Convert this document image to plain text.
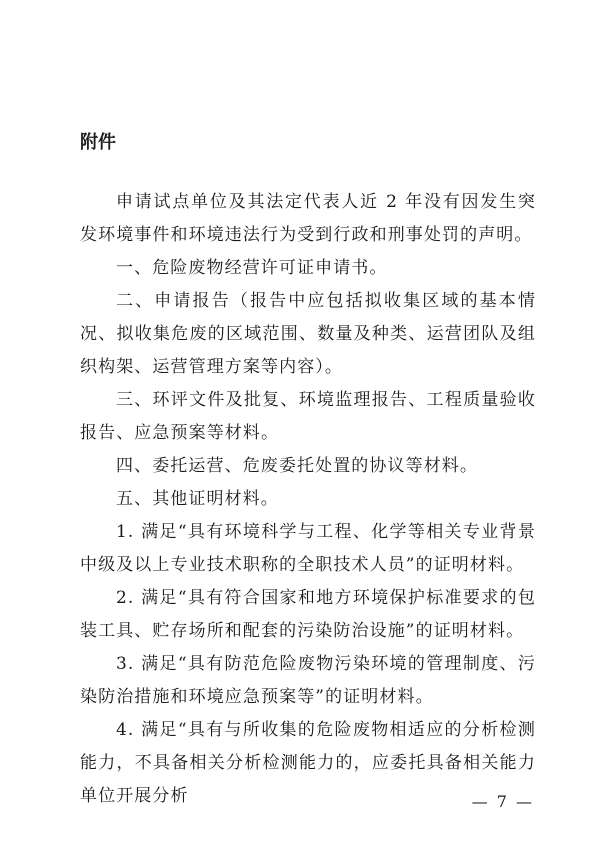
附件

申请试点单位及其法定代表人近 2 年没有因发生突发环境事件和环境违法行为受到行政和刑事处罚的声明。

一、危险废物经营许可证申请书。

二、申请报告（报告中应包括拟收集区域的基本情况、拟收集危废的区域范围、数量及种类、运营团队及组织构架、运营管理方案等内容）。

三、环评文件及批复、环境监理报告、工程质量验收报告、应急预案等材料。

四、委托运营、危废委托处置的协议等材料。

五、其他证明材料。

1. 满足“具有环境科学与工程、化学等相关专业背景中级及以上专业技术职称的全职技术人员”的证明材料。

2. 满足“具有符合国家和地方环境保护标准要求的包装工具、贮存场所和配套的污染防治设施”的证明材料。

3. 满足“具有防范危险废物污染环境的管理制度、污染防治措施和环境应急预案等”的证明材料。

4. 满足“具有与所收集的危险废物相适应的分析检测能力，不具备相关分析检测能力的，应委托具备相关能力单位开展分析	— 7 —
